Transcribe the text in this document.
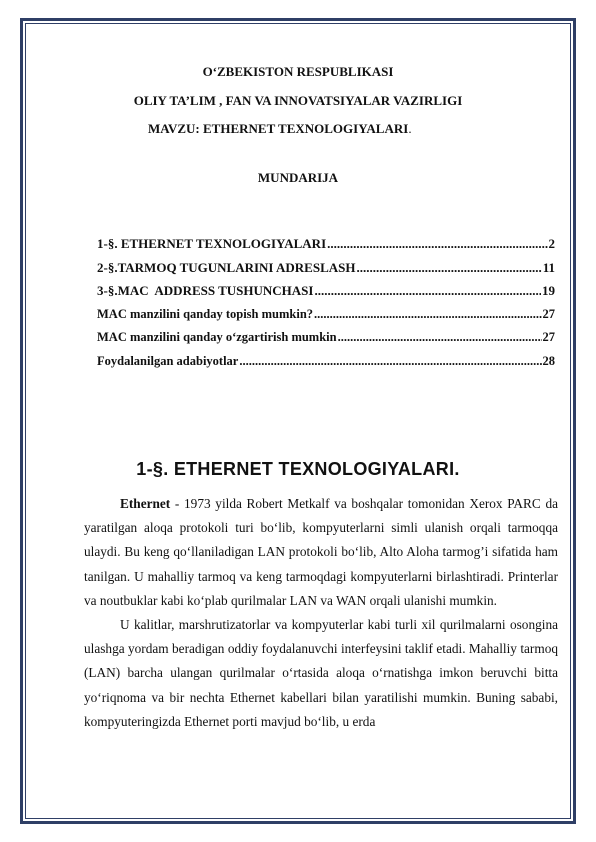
O‘ZBEKISTON RESPUBLIKASI
OLIY TA’LIM , FAN VA INNOVATSIYALAR VAZIRLIGI
MAVZU: ETHERNET TEXNOLOGIYALARI.
MUNDARIJA
1-§. ETHERNET TEXNOLOGIYALARI .....	2
2-§.TARMOQ TUGUNLARINI ADRESLASH .....	11
3-§.MAC  ADDRESS TUSHUNCHASI .....	19
MAC manzilini qanday topish mumkin? .....	27
MAC manzilini qanday o‘zgartirish mumkin .....	27
Foydalanilgan adabiyotlar .....	28
1-§. ETHERNET TEXNOLOGIYALARI.

Ethernet - 1973 yilda Robert Metkalf va boshqalar tomonidan Xerox PARC da yaratilgan aloqa protokoli turi bo‘lib, kompyuterlarni simli ulanish orqali tarmoqqa ulaydi. Bu keng qo‘llaniladigan LAN protokoli bo‘lib, Alto Aloha tarmog’i sifatida ham tanilgan. U mahalliy tarmoq va keng tarmoqdagi kompyuterlarni birlashtiradi. Printerlar va noutbuklar kabi ko‘plab qurilmalar LAN va WAN orqali ulanishi mumkin.

U kalitlar, marshrutizatorlar va kompyuterlar kabi turli xil qurilmalarni osongina ulashga yordam beradigan oddiy foydalanuvchi interfeysini taklif etadi. Mahalliy tarmoq (LAN) barcha ulangan qurilmalar o‘rtasida aloqa o‘rnatishga imkon beruvchi bitta yo‘riqnoma va bir nechta Ethernet kabellari bilan yaratilishi mumkin. Buning sababi, kompyuteringizda Ethernet porti mavjud bo‘lib, u erda
